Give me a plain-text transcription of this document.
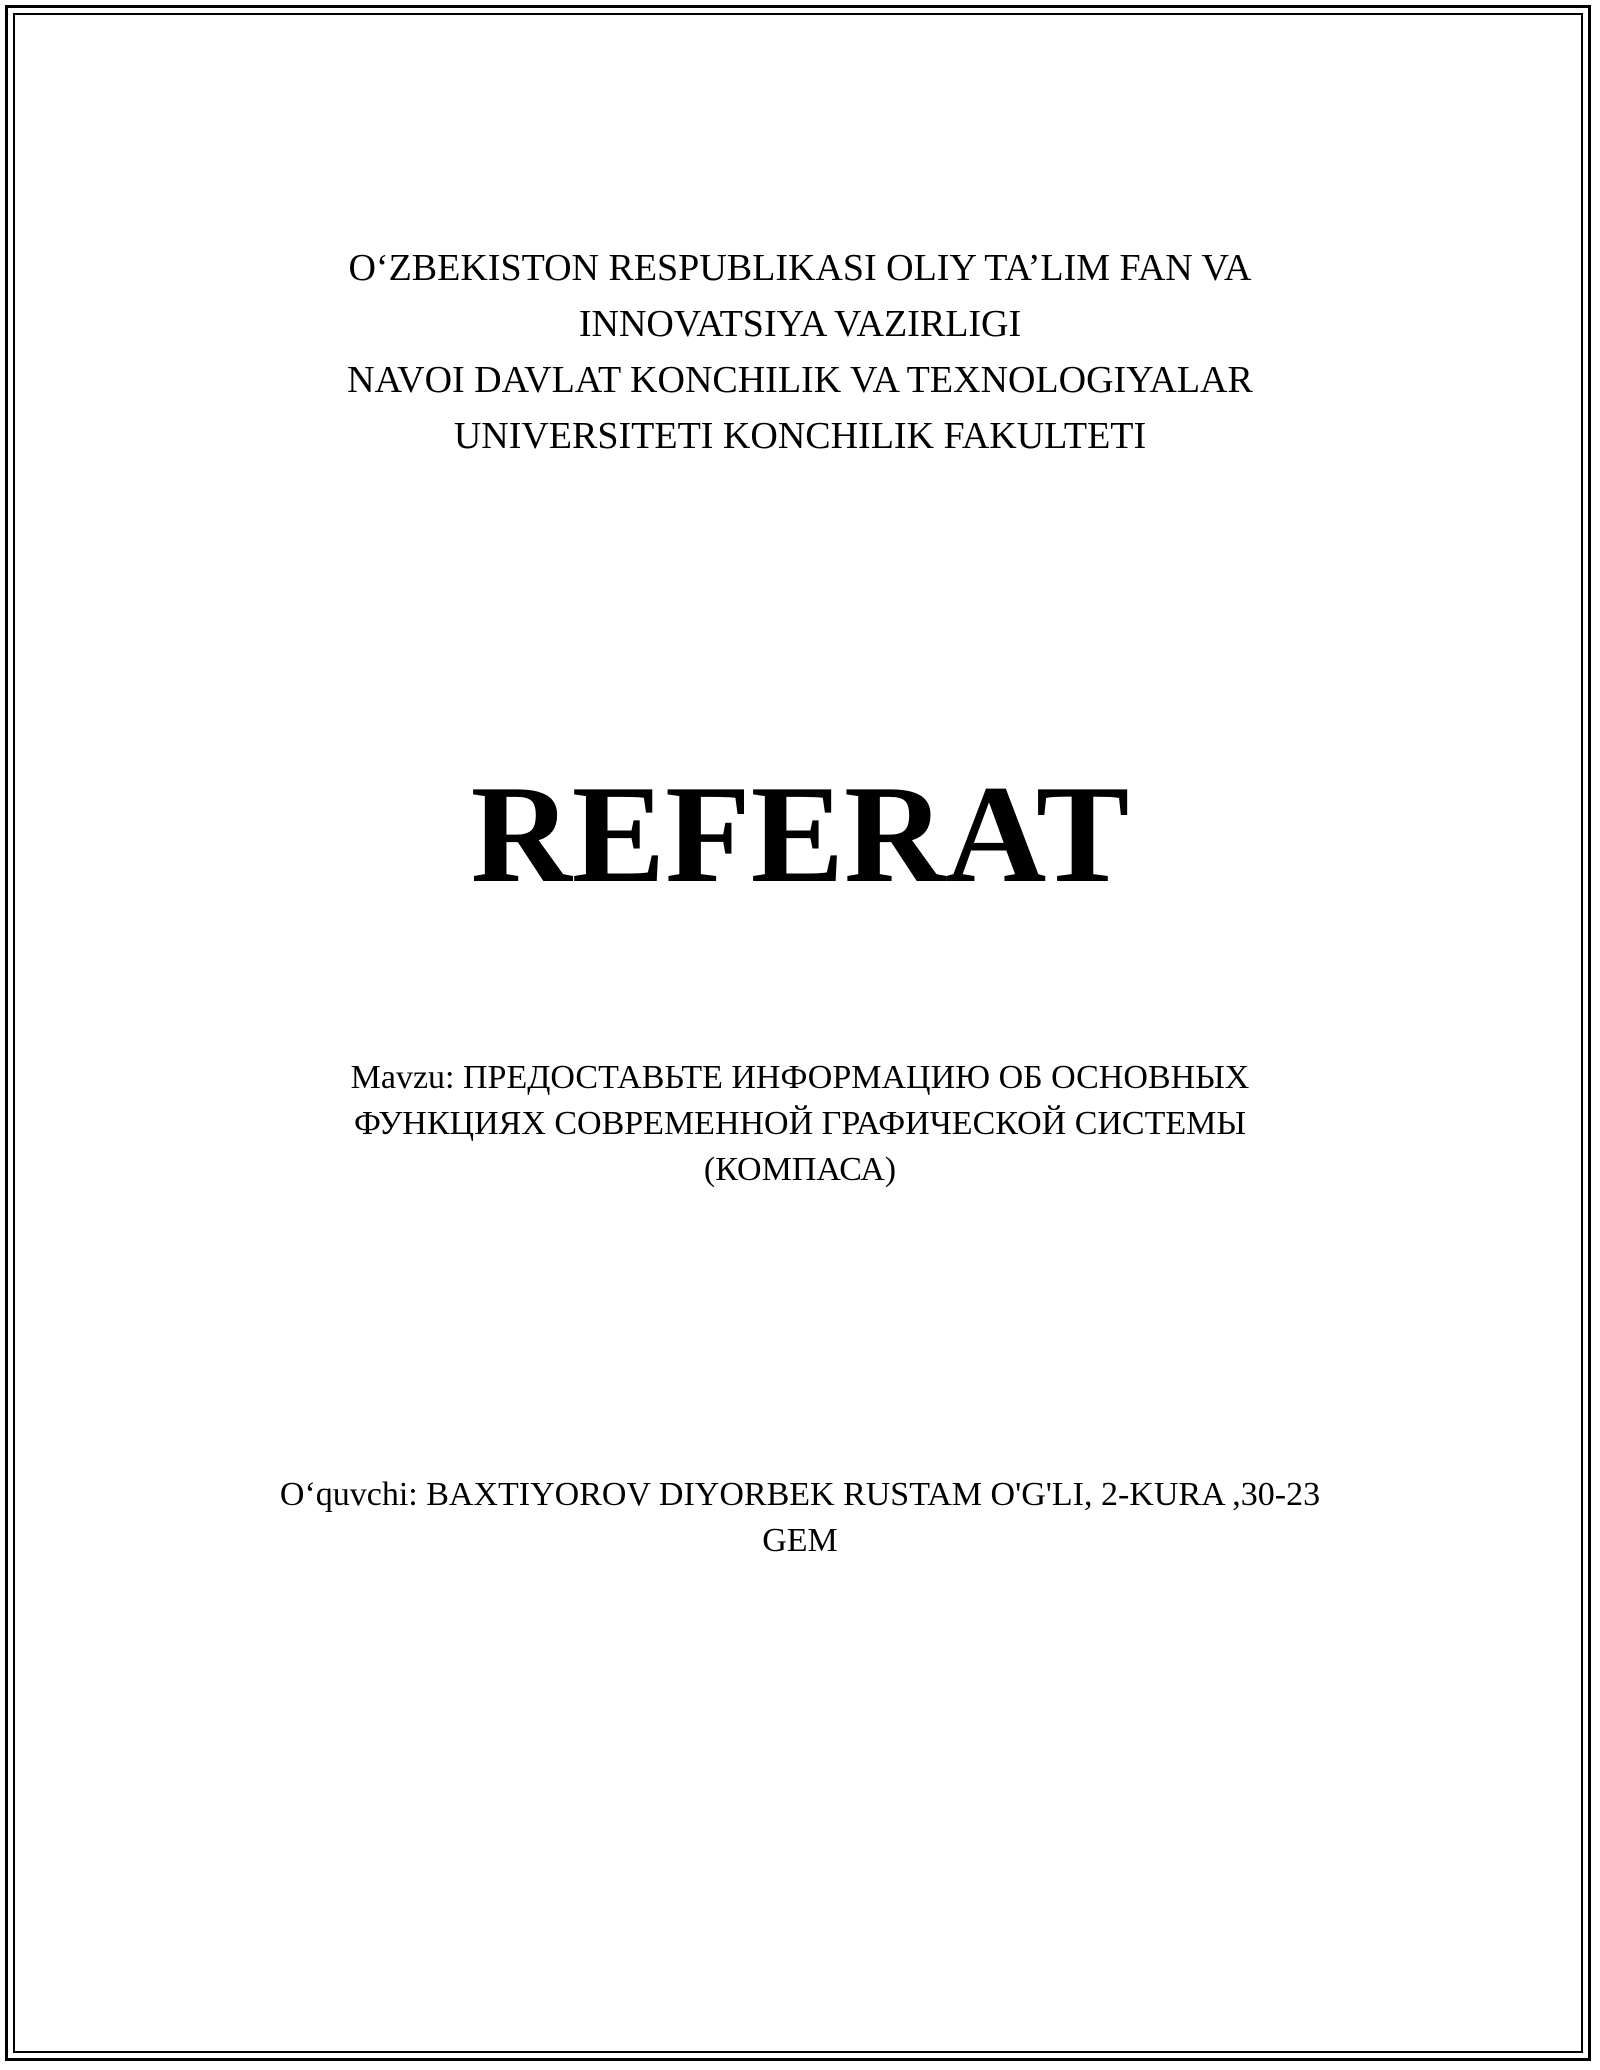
O‘ZBEKISTON RESPUBLIKASI OLIY TA’LIM FAN VA
INNOVATSIYA VAZIRLIGI
NAVOI DAVLAT KONCHILIK VA TEXNOLOGIYALAR
UNIVERSITETI KONCHILIK FAKULTETI
REFERAT
Mavzu: ПРЕДОСТАВЬТЕ ИНФОРМАЦИЮ ОБ ОСНОВНЫХ
ФУНКЦИЯХ СОВРЕМЕННОЙ ГРАФИЧЕСКОЙ СИСТЕМЫ
(КОМПАСА)
O‘quvchi: BAXTIYOROV DIYORBEK RUSTAM O'G'LI, 2-KURA ,30-23
GEM
